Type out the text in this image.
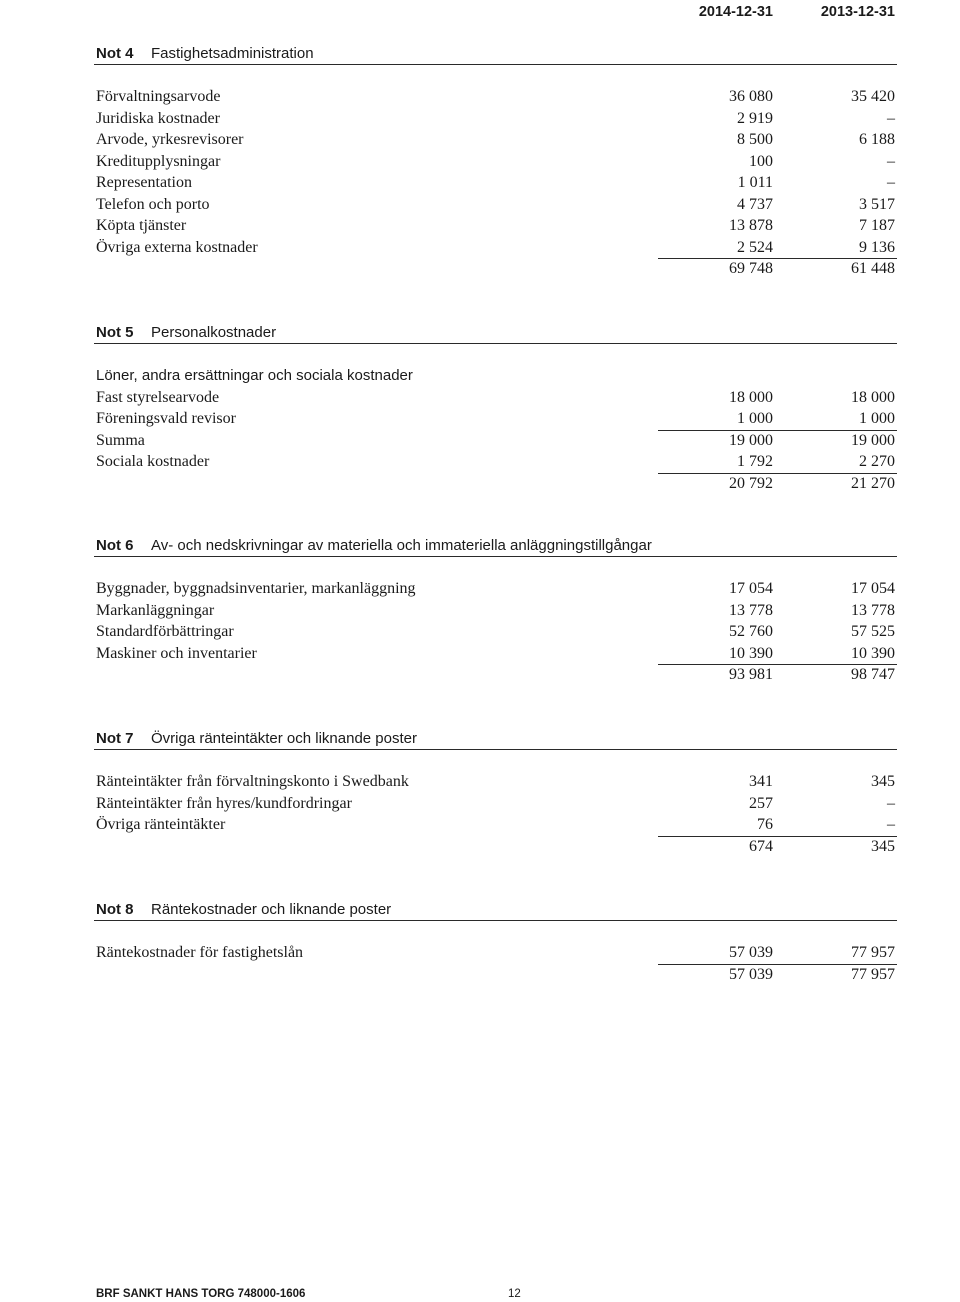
2014-12-31	2013-12-31
Not 4 Fastighetsadministration
Förvaltningsarvode	36 080	35 420
Juridiska kostnader	2 919	–
Arvode, yrkesrevisorer	8 500	6 188
Kreditupplysningar	100	–
Representation	1 011	–
Telefon och porto	4 737	3 517
Köpta tjänster	13 878	7 187
Övriga externa kostnader	2 524	9 136
69 748	61 448
Not 5 Personalkostnader
Löner, andra ersättningar och sociala kostnader
Fast styrelsearvode	18 000	18 000
Föreningsvald revisor	1 000	1 000
Summa	19 000	19 000
Sociala kostnader	1 792	2 270
20 792	21 270
Not 6 Av- och nedskrivningar av materiella och immateriella anläggningstillgångar
Byggnader, byggnadsinventarier, markanläggning	17 054	17 054
Markanläggningar	13 778	13 778
Standardförbättringar	52 760	57 525
Maskiner och inventarier	10 390	10 390
93 981	98 747
Not 7 Övriga ränteintäkter och liknande poster
Ränteintäkter från förvaltningskonto i Swedbank	341	345
Ränteintäkter från hyres/kundfordringar	257	–
Övriga ränteintäkter	76	–
674	345
Not 8 Räntekostnader och liknande poster
Räntekostnader för fastighetslån	57 039	77 957
57 039	77 957
BRF SANKT HANS TORG 748000-1606	12
